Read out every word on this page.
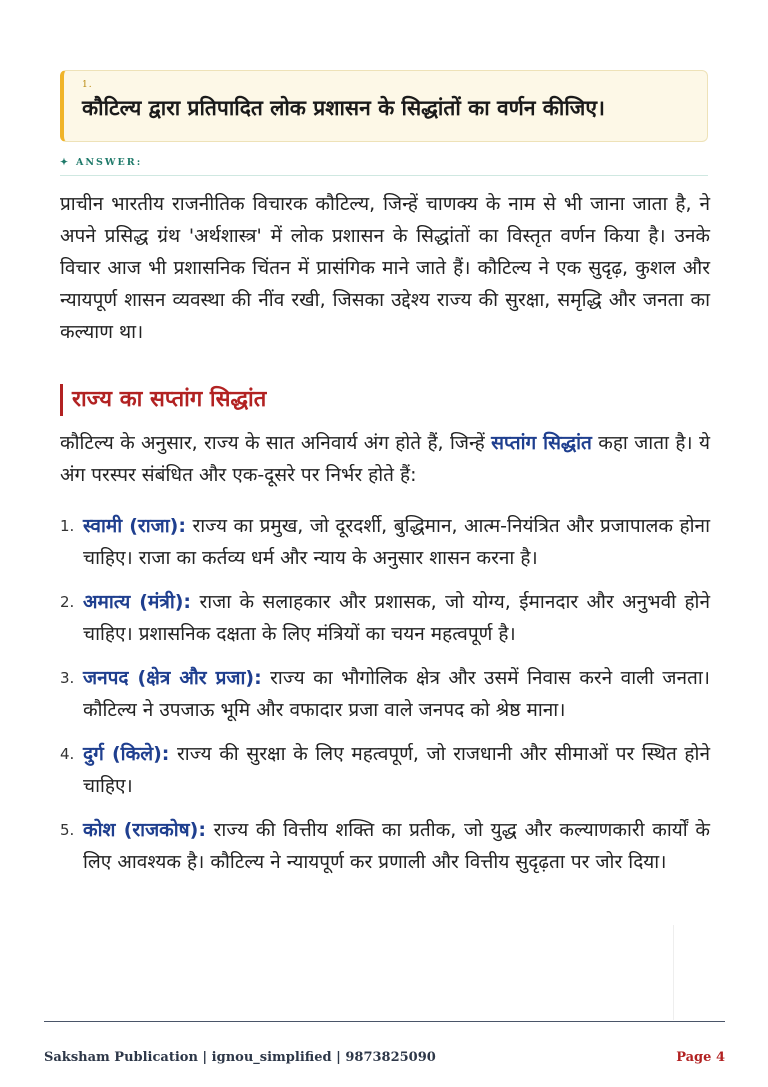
1.
कौटिल्य द्वारा प्रतिपादित लोक प्रशासन के सिद्धांतों का वर्णन कीजिए।
✦ ANSWER:
प्राचीन भारतीय राजनीतिक विचारक कौटिल्य, जिन्हें चाणक्य के नाम से भी जाना जाता है, ने अपने प्रसिद्ध ग्रंथ 'अर्थशास्त्र' में लोक प्रशासन के सिद्धांतों का विस्तृत वर्णन किया है। उनके विचार आज भी प्रशासनिक चिंतन में प्रासंगिक माने जाते हैं। कौटिल्य ने एक सुदृढ़, कुशल और न्यायपूर्ण शासन व्यवस्था की नींव रखी, जिसका उद्देश्य राज्य की सुरक्षा, समृद्धि और जनता का कल्याण था।
राज्य का सप्तांग सिद्धांत
कौटिल्य के अनुसार, राज्य के सात अनिवार्य अंग होते हैं, जिन्हें सप्तांग सिद्धांत कहा जाता है। ये अंग परस्पर संबंधित और एक-दूसरे पर निर्भर होते हैं:
1. स्वामी (राजा): राज्य का प्रमुख, जो दूरदर्शी, बुद्धिमान, आत्म-नियंत्रित और प्रजापालक होना चाहिए। राजा का कर्तव्य धर्म और न्याय के अनुसार शासन करना है।
2. अमात्य (मंत्री): राजा के सलाहकार और प्रशासक, जो योग्य, ईमानदार और अनुभवी होने चाहिए। प्रशासनिक दक्षता के लिए मंत्रियों का चयन महत्वपूर्ण है।
3. जनपद (क्षेत्र और प्रजा): राज्य का भौगोलिक क्षेत्र और उसमें निवास करने वाली जनता। कौटिल्य ने उपजाऊ भूमि और वफादार प्रजा वाले जनपद को श्रेष्ठ माना।
4. दुर्ग (किले): राज्य की सुरक्षा के लिए महत्वपूर्ण, जो राजधानी और सीमाओं पर स्थित होने चाहिए।
5. कोश (राजकोष): राज्य की वित्तीय शक्ति का प्रतीक, जो युद्ध और कल्याणकारी कार्यों के लिए आवश्यक है। कौटिल्य ने न्यायपूर्ण कर प्रणाली और वित्तीय सुदृढ़ता पर जोर दिया।
Saksham Publication | ignou_simplified | 9873825090	Page 4
